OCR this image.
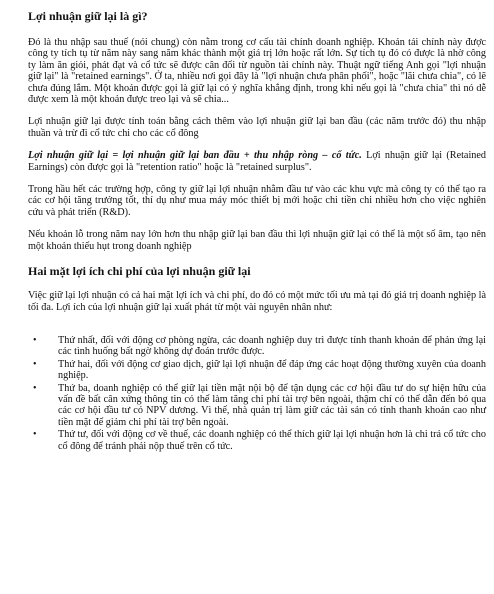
Lợi nhuận giữ lại là gì?

Đó là thu nhập sau thuế (nói chung) còn nằm trong cơ cấu tài chính doanh nghiệp. Khoản tái chính này được công ty tích tụ từ năm này sang năm khác thành một giá trị lớn hoặc rất lớn. Sự tích tụ đó có được là nhờ công ty làm ăn giỏi, phát đạt và cổ tức sẽ được cân đối từ nguồn tài chính này. Thuật ngữ tiếng Anh gọi "lợi nhuận giữ lại" là "retained earnings". Ở ta, nhiều nơi gọi đây là "lợi nhuận chưa phân phối", hoặc "lãi chưa chia", có lẽ chưa đúng lắm. Một khoản được gọi là giữ lại có ý nghĩa khẳng định, trong khi nếu gọi là "chưa chia" thì nó dễ được xem là một khoản được treo lại và sẽ chia...

Lợi nhuận giữ lại được tính toán bằng cách thêm vào lợi nhuận giữ lại ban đầu (các năm trước đó) thu nhập thuần và trừ đi cổ tức chi cho các cổ đông

Lợi nhuận giữ lại = lợi nhuận giữ lại ban đầu + thu nhập ròng – cổ tức. Lợi nhuận giữ lại (Retained Earnings) còn được gọi là "retention ratio" hoặc là "retained surplus".

Trong hầu hết các trường hợp, công ty giữ lại lợi nhuận nhằm đầu tư vào các khu vực mà công ty có thể tạo ra các cơ hội tăng trưởng tốt, thí dụ như mua máy móc thiết bị mới hoặc chi tiền chi nhiều hơn cho việc nghiên cứu và phát triển (R&D).

Nếu khoản lỗ trong năm nay lớn hơn thu nhập giữ lại ban đầu thì lợi nhuận giữ lại có thể là một số âm, tạo nên một khoản thiếu hụt trong doanh nghiệp

Hai mặt lợi ích chi phí của lợi nhuận giữ lại

Việc giữ lại lợi nhuận có cả hai mặt lợi ích và chi phí, do đó có một mức tối ưu mà tại đó giá trị doanh nghiệp là tối đa. Lợi ích của lợi nhuận giữ lại xuất phát từ một vài nguyên nhân như:

• Thứ nhất, đối với động cơ phòng ngừa, các doanh nghiệp duy trì được tính thanh khoản để phản ứng lại các tình huống bất ngờ không dự đoán trước được.
• Thứ hai, đối với động cơ giao dịch, giữ lại lợi nhuận để đáp ứng các hoạt động thường xuyên của doanh nghiệp.
• Thứ ba, doanh nghiệp có thể giữ lại tiền mặt nội bộ để tận dụng các cơ hội đầu tư do sự hiện hữu của vấn đề bất cân xứng thông tin có thể làm tăng chi phí tài trợ bên ngoài, thậm chí có thể dẫn đến bỏ qua các cơ hội đầu tư có NPV dương. Vì thế, nhà quản trị làm giữ các tài sản có tính thanh khoản cao như tiền mặt để giảm chi phí tài trợ bên ngoài.
• Thứ tư, đối với động cơ về thuế, các doanh nghiệp có thể thích giữ lại lợi nhuận hơn là chi trả cổ tức cho cổ đông để tránh phải nộp thuế trên cổ tức.
